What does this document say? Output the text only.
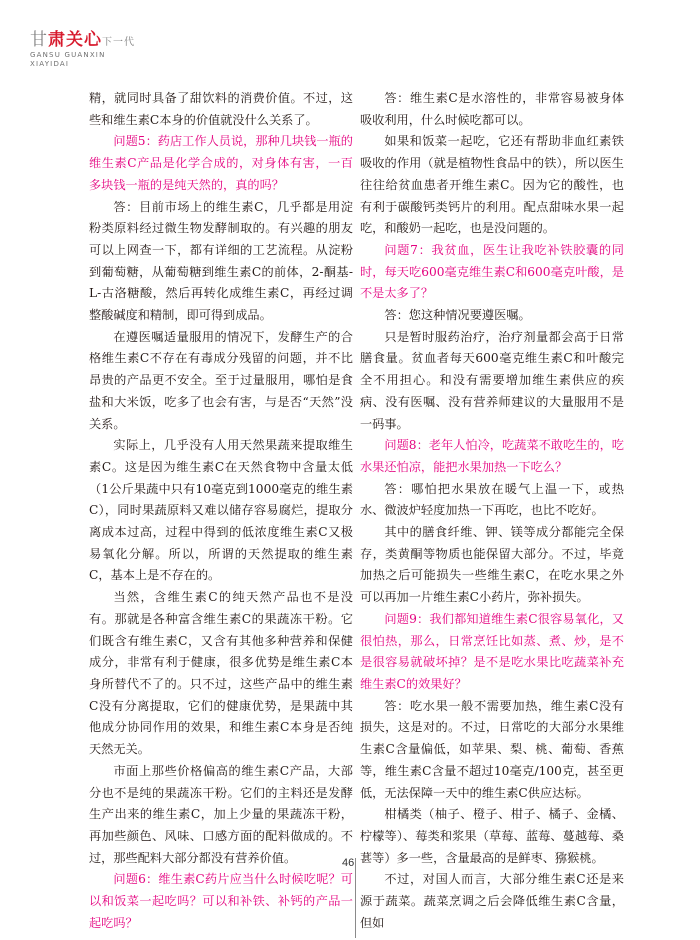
甘肃关心下一代
GANSU GUANXIN
XIAYIDAI

精，就同时具备了甜饮料的消费价值。不过，这些和维生素C本身的价值就没什么关系了。

问题5：药店工作人员说，那种几块钱一瓶的维生素C产品是化学合成的，对身体有害，一百多块钱一瓶的是纯天然的，真的吗？

答：目前市场上的维生素C，几乎都是用淀粉类原料经过微生物发酵制取的。有兴趣的朋友可以上网查一下，都有详细的工艺流程。从淀粉到葡萄糖，从葡萄糖到维生素C的前体，2-酮基-L-古洛糖酸，然后再转化成维生素C，再经过调整酸碱度和精制，即可得到成品。

在遵医嘱适量服用的情况下，发酵生产的合格维生素C不存在有毒成分残留的问题，并不比昂贵的产品更不安全。至于过量服用，哪怕是食盐和大米饭，吃多了也会有害，与是否“天然”没关系。

实际上，几乎没有人用天然果蔬来提取维生素C。这是因为维生素C在天然食物中含量太低（1公斤果蔬中只有10毫克到1000毫克的维生素C），同时果蔬原料又难以储存容易腐烂，提取分离成本过高，过程中得到的低浓度维生素C又极易氧化分解。所以，所谓的天然提取的维生素C，基本上是不存在的。

当然，含维生素C的纯天然产品也不是没有。那就是各种富含维生素C的果蔬冻干粉。它们既含有维生素C，又含有其他多种营养和保健成分，非常有利于健康，很多优势是维生素C本身所替代不了的。只不过，这些产品中的维生素C没有分离提取，它们的健康优势，是果蔬中其他成分协同作用的效果，和维生素C本身是否纯天然无关。

市面上那些价格偏高的维生素C产品，大部分也不是纯的果蔬冻干粉。它们的主料还是发酵生产出来的维生素C，加上少量的果蔬冻干粉，再加些颜色、风味、口感方面的配料做成的。不过，那些配料大部分都没有营养价值。

问题6：维生素C药片应当什么时候吃呢？可以和饭菜一起吃吗？可以和补铁、补钙的产品一起吃吗？

答：维生素C是水溶性的，非常容易被身体吸收利用，什么时候吃都可以。

如果和饭菜一起吃，它还有帮助非血红素铁吸收的作用（就是植物性食品中的铁），所以医生往往给贫血患者开维生素C。因为它的酸性，也有利于碳酸钙类钙片的利用。配点甜味水果一起吃，和酸奶一起吃，也是没问题的。

问题7：我贫血，医生让我吃补铁胶囊的同时，每天吃600毫克维生素C和600毫克叶酸，是不是太多了？

答：您这种情况要遵医嘱。

只是暂时服药治疗，治疗剂量都会高于日常膳食量。贫血者每天600毫克维生素C和叶酸完全不用担心。和没有需要增加维生素供应的疾病、没有医嘱、没有营养师建议的大量服用不是一码事。

问题8：老年人怕冷，吃蔬菜不敢吃生的，吃水果还怕凉，能把水果加热一下吃么？

答：哪怕把水果放在暖气上温一下，或热水、微波炉轻度加热一下再吃，也比不吃好。

其中的膳食纤维、钾、镁等成分都能完全保存，类黄酮等物质也能保留大部分。不过，毕竟加热之后可能损失一些维生素C，在吃水果之外可以再加一片维生素C小药片，弥补损失。

问题9：我们都知道维生素C很容易氧化，又很怕热，那么，日常烹饪比如蒸、煮、炒，是不是很容易就破坏掉？是不是吃水果比吃蔬菜补充维生素C的效果好？

答：吃水果一般不需要加热，维生素C没有损失，这是对的。不过，日常吃的大部分水果维生素C含量偏低，如苹果、梨、桃、葡萄、香蕉等，维生素C含量不超过10毫克/100克，甚至更低，无法保障一天中的维生素C供应达标。

柑橘类（柚子、橙子、柑子、橘子、金橘、柠檬等）、莓类和浆果（草莓、蓝莓、蔓越莓、桑葚等）多一些，含量最高的是鲜枣、猕猴桃。

不过，对国人而言，大部分维生素C还是来源于蔬菜。蔬菜烹调之后会降低维生素C含量，但如

46
